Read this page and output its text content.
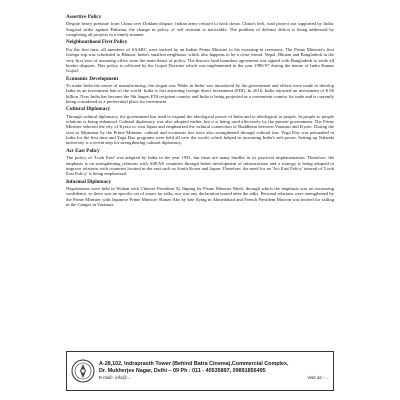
Assertive Policy

Despite heavy pressure from China over Doklam dispute, Indian army refused to back down. China's belt, road project not supported by India. Surgical strike against Pakistan, the change in policy of self restraint is noticeable. The problem of defence deficit is being addressed by completing all projects in a timely manner.

Neighbourhood First Policy

For the first time, all members of SAARC were invited by an Indian Prime Minister to his swearing-in ceremony. The Prime Minister's first foreign trip was scheduled to Bhutan, India's smallest neighbour, which also happens to be a close friend. Nepal, Bhutan and Bangladesh in the very first year of assuming office were the main thrust of policy. The historic land boundary agreement was signed with Bangladesh to settle all border disputes. This policy is reflected by the Gujral Doctrine which was implemented in the year 1996-97 during the tenure of Indra Kumar Gujral.

Economic Development

To make India the centre of manufacturing, the slogan was 'Make in India' was introduced by the government and efforts were made to develop India as an investment hub of the world. India is fast attracting foreign direct investment (FDI). In 2016, India attracted an investment of $ 60 billion. Now India has become the 9th largest FDI recipient country and India is being projected as a convenient country for trade and is currently being considered as a preferential place for investment.

Cultural Diplomacy

Through cultural diplomacy, the government has tried to expand the ideological power of India and to ideological to people. In people to people relations is being enhanced. Cultural diplomacy was also adopted earlier, but it is being used effectively by the present government. The Prime Minister selected the city of Kyoto to visit Japan and emphasized the cultural connection of Buddhism between Varanasi and Kyoto. During the visit to Myanmar by the Prime Minister, cultural and economic ties were also strengthened through cultural ties. Yoga Day was persuaded in India for the first time and Yoga Day programs were held all over the world, which helped in increasing India's soft power. Setting up Nalanda university is a recent step for strengthening cultural diplomacy.

Act East Policy

The policy of 'Look East' was adopted by India in the year 1991, but there are many hurdles in its practical implementation. Therefore, the emphasis is on strengthening relations with ASEAN countries through better development of infrastructure and a strategy is being adopted to improve relations with countries located in the east such as South Korea and Japan. Therefore, the need for an 'Act East Policy' instead of 'Look East Policy' is being emphasized.

Informal Diplomacy

Negotiations were held in Wuhan with Chinese President Xi Jinping by Prime Minister Modi, through which the emphasis was on increasing confidence, so there was no specific set of issues for talks, nor was any declaration issued after the talks. Personal relations were strengthened by the Prime Minister with Japanese Prime Minister Shinzo Abe by kite flying in Ahmedabad and French President Macron was invited for sailing in the Ganges in Varanasi.

A-28,102, Indraprasth Tower (Behind Batra Cinema),Commercial Complex,
Dr. Mukherjee Nagar, Delhi – 09 Ph : 011 - 40535897, 09891856495
E-mail:- info@...	Visit us:- ...
